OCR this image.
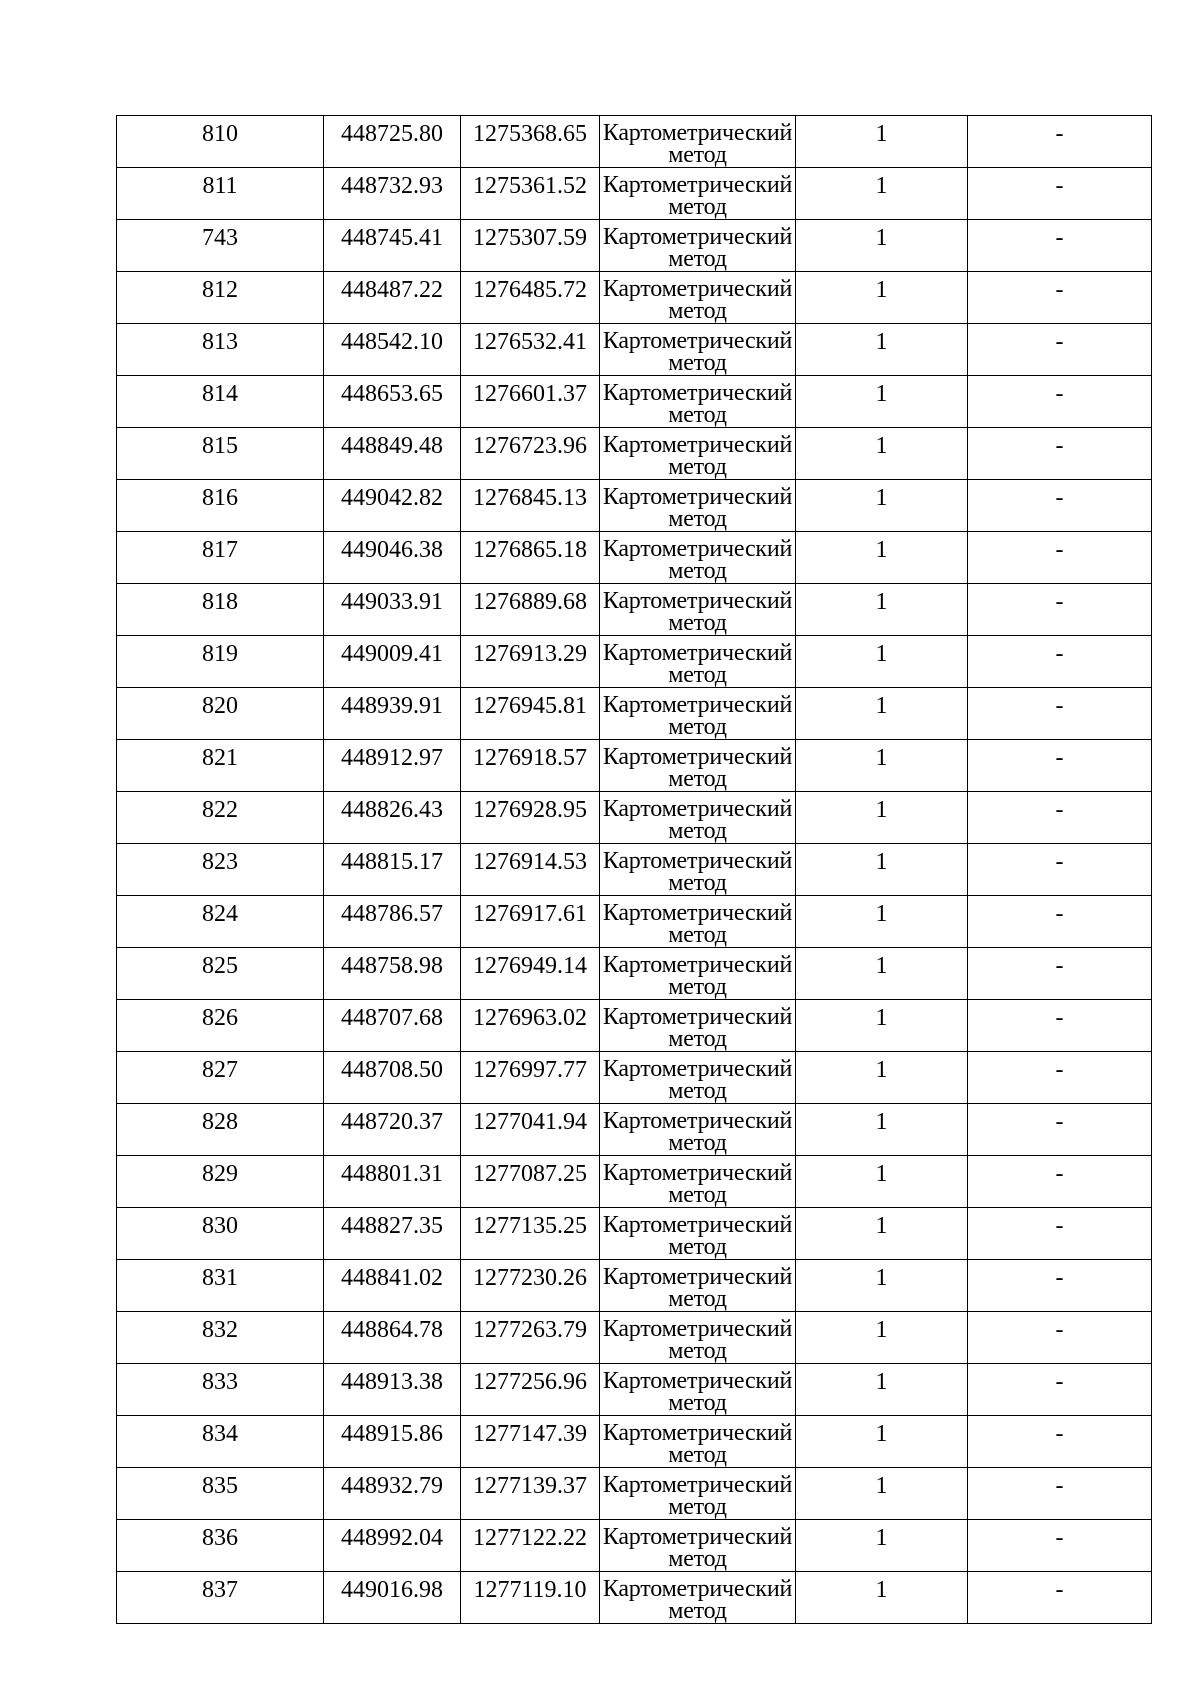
810	448725.80	1275368.65	Картометрический
метод	1	-

811	448732.93	1275361.52	Картометрический
метод	1	-

743	448745.41	1275307.59	Картометрический
метод	1	-

812	448487.22	1276485.72	Картометрический
метод	1	-

813	448542.10	1276532.41	Картометрический
метод	1	-

814	448653.65	1276601.37	Картометрический
метод	1	-

815	448849.48	1276723.96	Картометрический
метод	1	-

816	449042.82	1276845.13	Картометрический
метод	1	-

817	449046.38	1276865.18	Картометрический
метод	1	-

818	449033.91	1276889.68	Картометрический
метод	1	-

819	449009.41	1276913.29	Картометрический
метод	1	-

820	448939.91	1276945.81	Картометрический
метод	1	-

821	448912.97	1276918.57	Картометрический
метод	1	-

822	448826.43	1276928.95	Картометрический
метод	1	-

823	448815.17	1276914.53	Картометрический
метод	1	-

824	448786.57	1276917.61	Картометрический
метод	1	-

825	448758.98	1276949.14	Картометрический
метод	1	-

826	448707.68	1276963.02	Картометрический
метод	1	-

827	448708.50	1276997.77	Картометрический
метод	1	-

828	448720.37	1277041.94	Картометрический
метод	1	-

829	448801.31	1277087.25	Картометрический
метод	1	-

830	448827.35	1277135.25	Картометрический
метод	1	-

831	448841.02	1277230.26	Картометрический
метод	1	-

832	448864.78	1277263.79	Картометрический
метод	1	-

833	448913.38	1277256.96	Картометрический
метод	1	-

834	448915.86	1277147.39	Картометрический
метод	1	-

835	448932.79	1277139.37	Картометрический
метод	1	-

836	448992.04	1277122.22	Картометрический
метод	1	-

837	449016.98	1277119.10	Картометрический
метод	1	-
